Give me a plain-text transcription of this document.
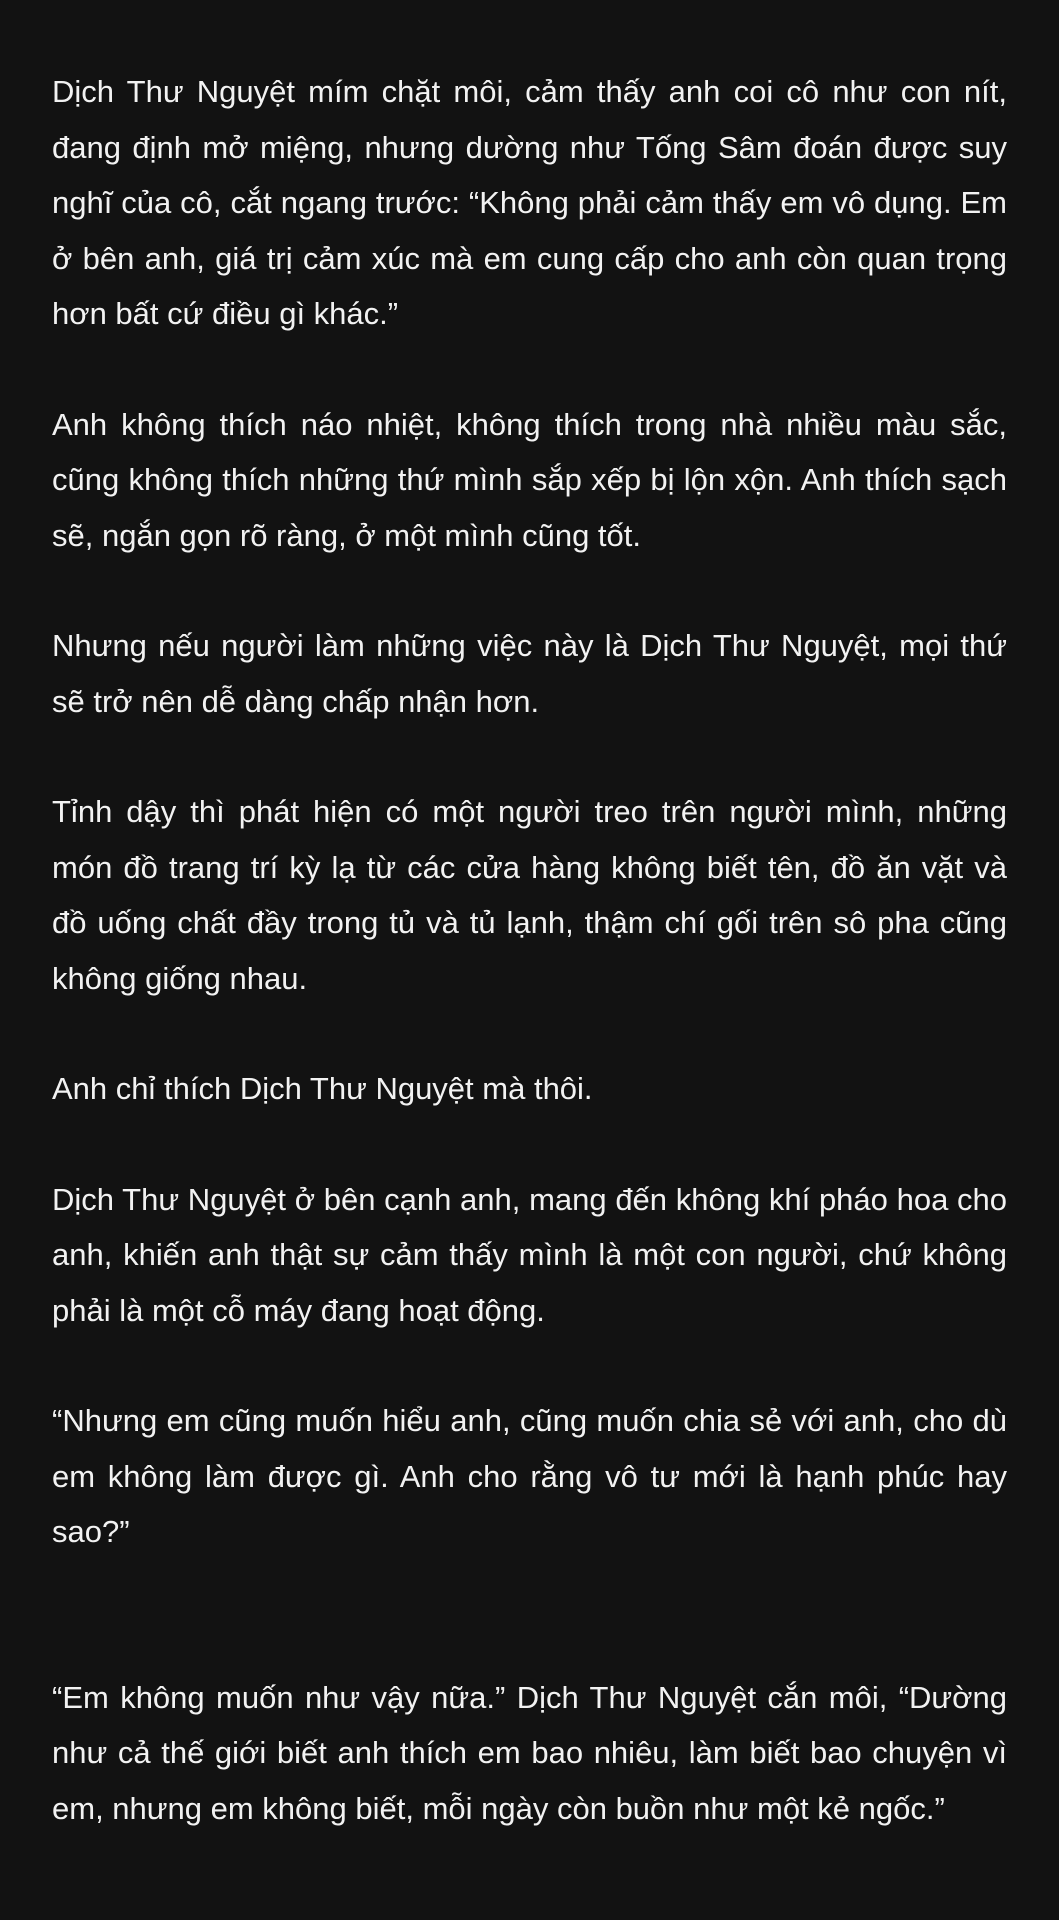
Dịch Thư Nguyệt mím chặt môi, cảm thấy anh coi cô như con nít, đang định mở miệng, nhưng dường như Tống Sâm đoán được suy nghĩ của cô, cắt ngang trước: “Không phải cảm thấy em vô dụng. Em ở bên anh, giá trị cảm xúc mà em cung cấp cho anh còn quan trọng hơn bất cứ điều gì khác.”

Anh không thích náo nhiệt, không thích trong nhà nhiều màu sắc, cũng không thích những thứ mình sắp xếp bị lộn xộn. Anh thích sạch sẽ, ngắn gọn rõ ràng, ở một mình cũng tốt.

Nhưng nếu người làm những việc này là Dịch Thư Nguyệt, mọi thứ sẽ trở nên dễ dàng chấp nhận hơn.

Tỉnh dậy thì phát hiện có một người treo trên người mình, những món đồ trang trí kỳ lạ từ các cửa hàng không biết tên, đồ ăn vặt và đồ uống chất đầy trong tủ và tủ lạnh, thậm chí gối trên sô pha cũng không giống nhau.

Anh chỉ thích Dịch Thư Nguyệt mà thôi.

Dịch Thư Nguyệt ở bên cạnh anh, mang đến không khí pháo hoa cho anh, khiến anh thật sự cảm thấy mình là một con người, chứ không phải là một cỗ máy đang hoạt động.

“Nhưng em cũng muốn hiểu anh, cũng muốn chia sẻ với anh, cho dù em không làm được gì. Anh cho rằng vô tư mới là hạnh phúc hay sao?”

“Em không muốn như vậy nữa.” Dịch Thư Nguyệt cắn môi, “Dường như cả thế giới biết anh thích em bao nhiêu, làm biết bao chuyện vì em, nhưng em không biết, mỗi ngày còn buồn như một kẻ ngốc.”
